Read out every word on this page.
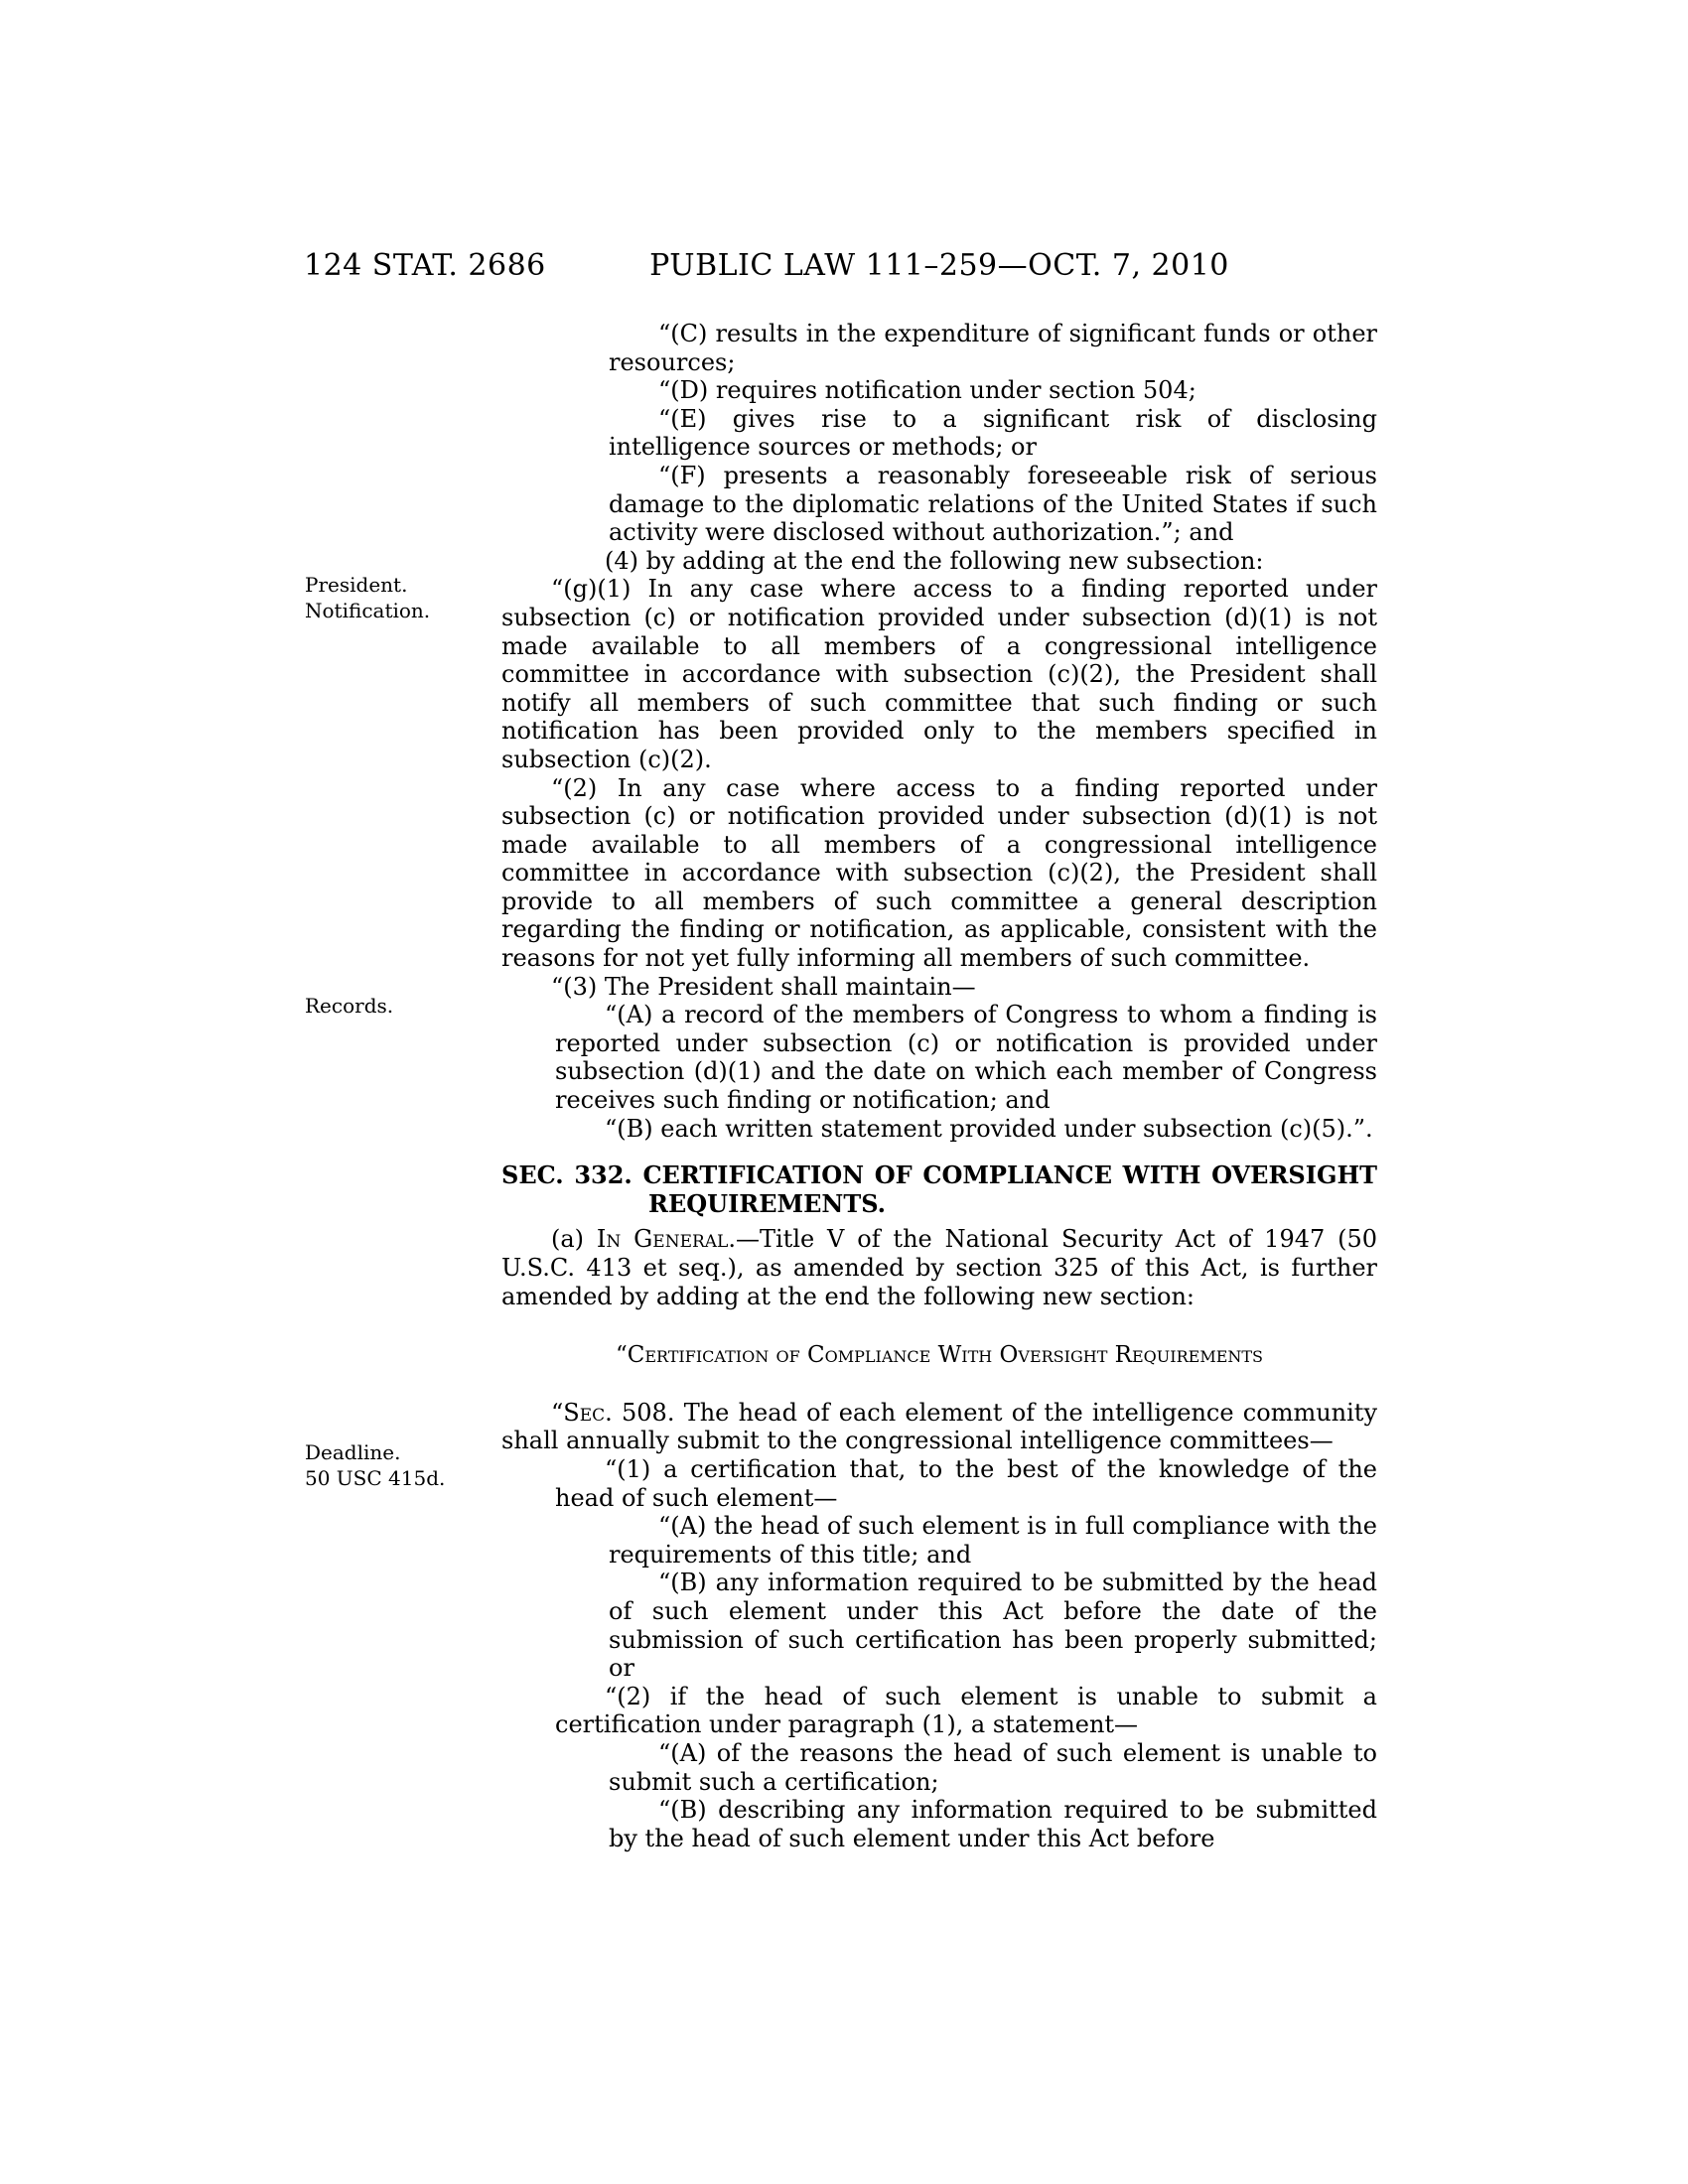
124 STAT. 2686	PUBLIC LAW 111–259—OCT. 7, 2010
President.
Notification.
Records.
Deadline.
50 USC 415d.
“(C) results in the expenditure of significant funds or other resources;
“(D) requires notification under section 504;
“(E) gives rise to a significant risk of disclosing intelligence sources or methods; or
“(F) presents a reasonably foreseeable risk of serious damage to the diplomatic relations of the United States if such activity were disclosed without authorization.”; and
(4) by adding at the end the following new subsection:
“(g)(1) In any case where access to a finding reported under subsection (c) or notification provided under subsection (d)(1) is not made available to all members of a congressional intelligence committee in accordance with subsection (c)(2), the President shall notify all members of such committee that such finding or such notification has been provided only to the members specified in subsection (c)(2).
“(2) In any case where access to a finding reported under subsection (c) or notification provided under subsection (d)(1) is not made available to all members of a congressional intelligence committee in accordance with subsection (c)(2), the President shall provide to all members of such committee a general description regarding the finding or notification, as applicable, consistent with the reasons for not yet fully informing all members of such committee.
“(3) The President shall maintain—
“(A) a record of the members of Congress to whom a finding is reported under subsection (c) or notification is provided under subsection (d)(1) and the date on which each member of Congress receives such finding or notification; and
“(B) each written statement provided under subsection (c)(5).”.
SEC. 332. CERTIFICATION OF COMPLIANCE WITH OVERSIGHT REQUIREMENTS.
(a) In General.—Title V of the National Security Act of 1947 (50 U.S.C. 413 et seq.), as amended by section 325 of this Act, is further amended by adding at the end the following new section:
“Certification of Compliance With Oversight Requirements
“Sec. 508. The head of each element of the intelligence community shall annually submit to the congressional intelligence committees—
“(1) a certification that, to the best of the knowledge of the head of such element—
“(A) the head of such element is in full compliance with the requirements of this title; and
“(B) any information required to be submitted by the head of such element under this Act before the date of the submission of such certification has been properly submitted; or
“(2) if the head of such element is unable to submit a certification under paragraph (1), a statement—
“(A) of the reasons the head of such element is unable to submit such a certification;
“(B) describing any information required to be submitted by the head of such element under this Act before
